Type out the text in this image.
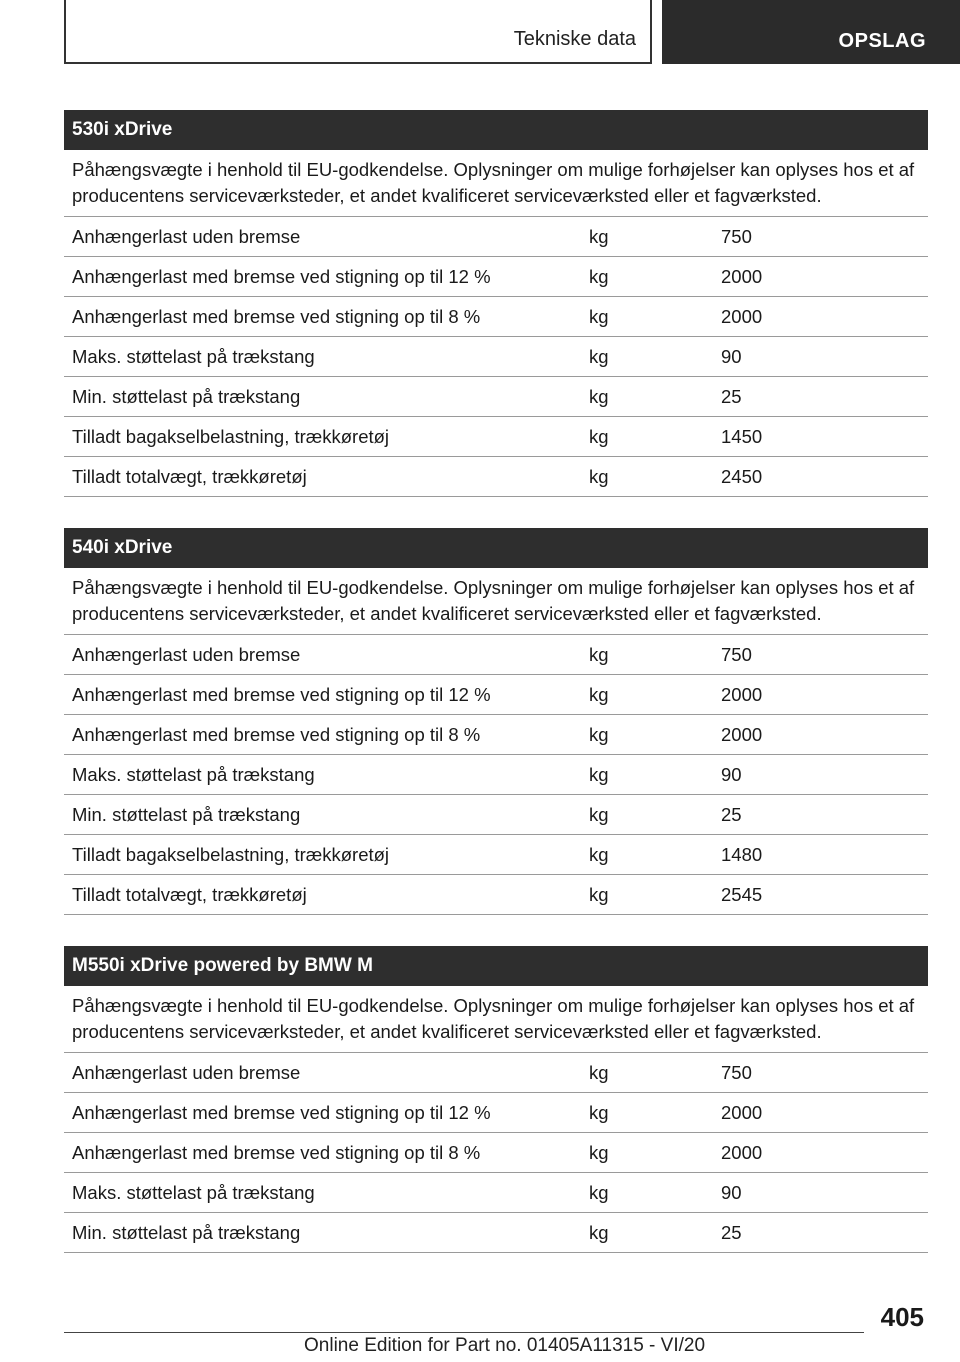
Tekniske data	OPSLAG
530i xDrive
Påhængsvægte i henhold til EU-godkendelse. Oplysninger om mulige forhøjelser kan oplyses hos et af producentens serviceværksteder, et andet kvalificeret serviceværksted eller et fagværksted.
Anhængerlast uden bremse	kg	750
Anhængerlast med bremse ved stigning op til 12 %	kg	2000
Anhængerlast med bremse ved stigning op til 8 %	kg	2000
Maks. støttelast på trækstang	kg	90
Min. støttelast på trækstang	kg	25
Tilladt bagakselbelastning, trækkøretøj	kg	1450
Tilladt totalvægt, trækkøretøj	kg	2450
540i xDrive
Påhængsvægte i henhold til EU-godkendelse. Oplysninger om mulige forhøjelser kan oplyses hos et af producentens serviceværksteder, et andet kvalificeret serviceværksted eller et fagværksted.
Anhængerlast uden bremse	kg	750
Anhængerlast med bremse ved stigning op til 12 %	kg	2000
Anhængerlast med bremse ved stigning op til 8 %	kg	2000
Maks. støttelast på trækstang	kg	90
Min. støttelast på trækstang	kg	25
Tilladt bagakselbelastning, trækkøretøj	kg	1480
Tilladt totalvægt, trækkøretøj	kg	2545
M550i xDrive powered by BMW M
Påhængsvægte i henhold til EU-godkendelse. Oplysninger om mulige forhøjelser kan oplyses hos et af producentens serviceværksteder, et andet kvalificeret serviceværksted eller et fagværksted.
Anhængerlast uden bremse	kg	750
Anhængerlast med bremse ved stigning op til 12 %	kg	2000
Anhængerlast med bremse ved stigning op til 8 %	kg	2000
Maks. støttelast på trækstang	kg	90
Min. støttelast på trækstang	kg	25
405
Online Edition for Part no. 01405A11315 - VI/20
